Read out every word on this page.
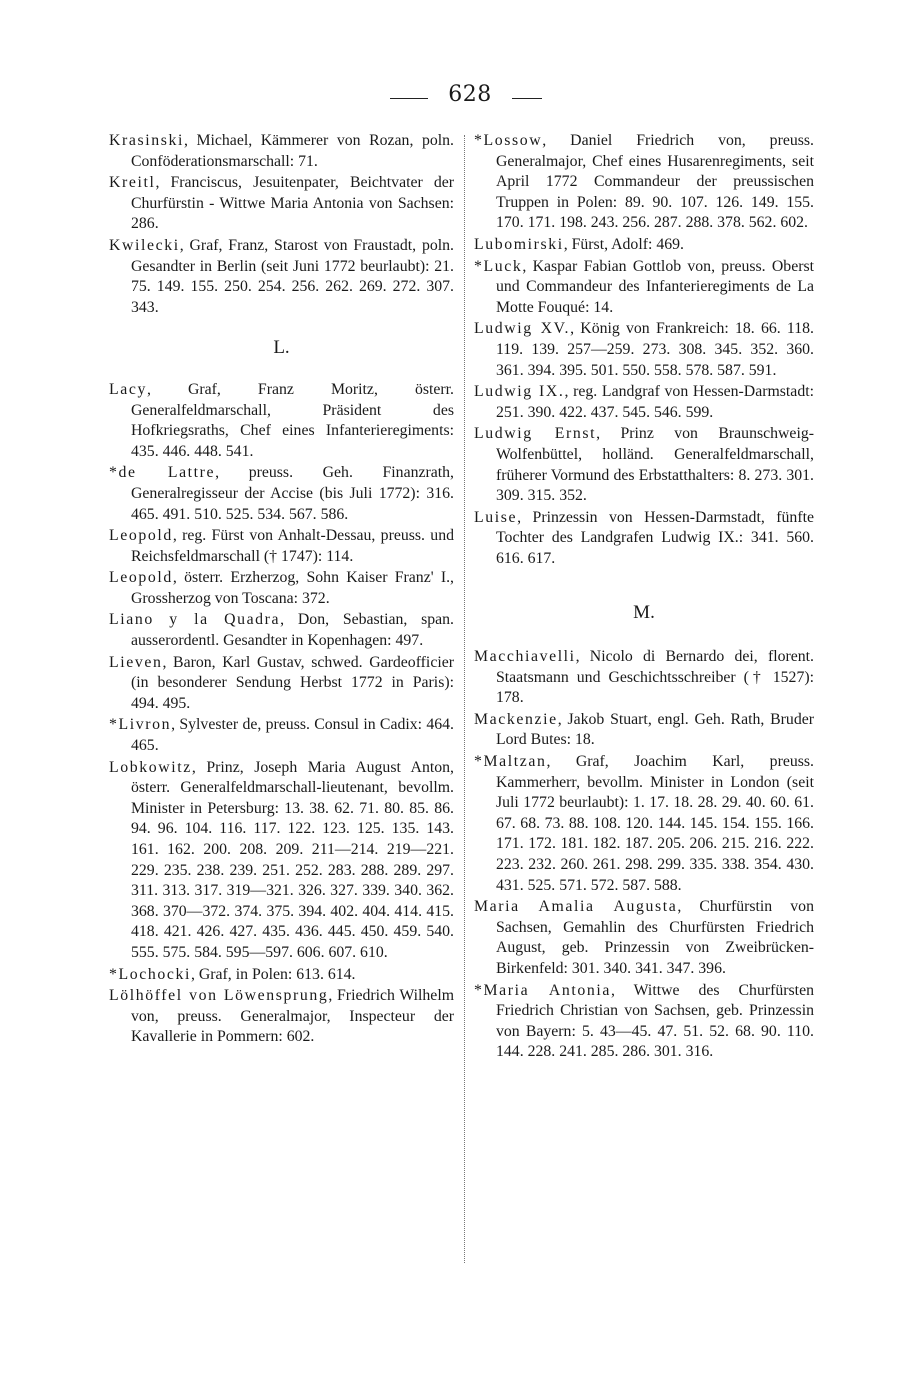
628

Krasinski, Michael, Kämmerer von Rozan, poln. Conföderationsmarschall: 71.

Kreitl, Franciscus, Jesuitenpater, Beichtvater der Churfürstin - Wittwe Maria Antonia von Sachsen: 286.

Kwilecki, Graf, Franz, Starost von Fraustadt, poln. Gesandter in Berlin (seit Juni 1772 beurlaubt): 21. 75. 149. 155. 250. 254. 256. 262. 269. 272. 307. 343.

L.

Lacy, Graf, Franz Moritz, österr. Generalfeldmarschall, Präsident des Hofkriegsraths, Chef eines Infanterieregiments: 435. 446. 448. 541.

*de Lattre, preuss. Geh. Finanzrath, Generalregisseur der Accise (bis Juli 1772): 316. 465. 491. 510. 525. 534. 567. 586.

Leopold, reg. Fürst von Anhalt-Dessau, preuss. und Reichsfeldmarschall († 1747): 114.

Leopold, österr. Erzherzog, Sohn Kaiser Franz' I., Grossherzog von Toscana: 372.

Liano y la Quadra, Don, Sebastian, span. ausserordentl. Gesandter in Kopenhagen: 497.

Lieven, Baron, Karl Gustav, schwed. Gardeofficier (in besonderer Sendung Herbst 1772 in Paris): 494. 495.

*Livron, Sylvester de, preuss. Consul in Cadix: 464. 465.

Lobkowitz, Prinz, Joseph Maria August Anton, österr. Generalfeldmarschall-lieutenant, bevollm. Minister in Petersburg: 13. 38. 62. 71. 80. 85. 86. 94. 96. 104. 116. 117. 122. 123. 125. 135. 143. 161. 162. 200. 208. 209. 211—214. 219—221. 229. 235. 238. 239. 251. 252. 283. 288. 289. 297. 311. 313. 317. 319—321. 326. 327. 339. 340. 362. 368. 370—372. 374. 375. 394. 402. 404. 414. 415. 418. 421. 426. 427. 435. 436. 445. 450. 459. 540. 555. 575. 584. 595—597. 606. 607. 610.

*Lochocki, Graf, in Polen: 613. 614.

Lölhöffel von Löwensprung, Friedrich Wilhelm von, preuss. Generalmajor, Inspecteur der Kavallerie in Pommern: 602.

*Lossow, Daniel Friedrich von, preuss. Generalmajor, Chef eines Husarenregiments, seit April 1772 Commandeur der preussischen Truppen in Polen: 89. 90. 107. 126. 149. 155. 170. 171. 198. 243. 256. 287. 288. 378. 562. 602.

Lubomirski, Fürst, Adolf: 469.

*Luck, Kaspar Fabian Gottlob von, preuss. Oberst und Commandeur des Infanterieregiments de La Motte Fouqué: 14.

Ludwig XV., König von Frankreich: 18. 66. 118. 119. 139. 257—259. 273. 308. 345. 352. 360. 361. 394. 395. 501. 550. 558. 578. 587. 591.

Ludwig IX., reg. Landgraf von Hessen-Darmstadt: 251. 390. 422. 437. 545. 546. 599.

Ludwig Ernst, Prinz von Braunschweig-Wolfenbüttel, holländ. Generalfeldmarschall, früherer Vormund des Erbstatthalters: 8. 273. 301. 309. 315. 352.

Luise, Prinzessin von Hessen-Darmstadt, fünfte Tochter des Landgrafen Ludwig IX.: 341. 560. 616. 617.

M.

Macchiavelli, Nicolo di Bernardo dei, florent. Staatsmann und Geschichtsschreiber († 1527): 178.

Mackenzie, Jakob Stuart, engl. Geh. Rath, Bruder Lord Butes: 18.

*Maltzan, Graf, Joachim Karl, preuss. Kammerherr, bevollm. Minister in London (seit Juli 1772 beurlaubt): 1. 17. 18. 28. 29. 40. 60. 61. 67. 68. 73. 88. 108. 120. 144. 145. 154. 155. 166. 171. 172. 181. 182. 187. 205. 206. 215. 216. 222. 223. 232. 260. 261. 298. 299. 335. 338. 354. 430. 431. 525. 571. 572. 587. 588.

Maria Amalia Augusta, Churfürstin von Sachsen, Gemahlin des Churfürsten Friedrich August, geb. Prinzessin von Zweibrücken-Birkenfeld: 301. 340. 341. 347. 396.

*Maria Antonia, Wittwe des Churfürsten Friedrich Christian von Sachsen, geb. Prinzessin von Bayern: 5. 43—45. 47. 51. 52. 68. 90. 110. 144. 228. 241. 285. 286. 301. 316.
